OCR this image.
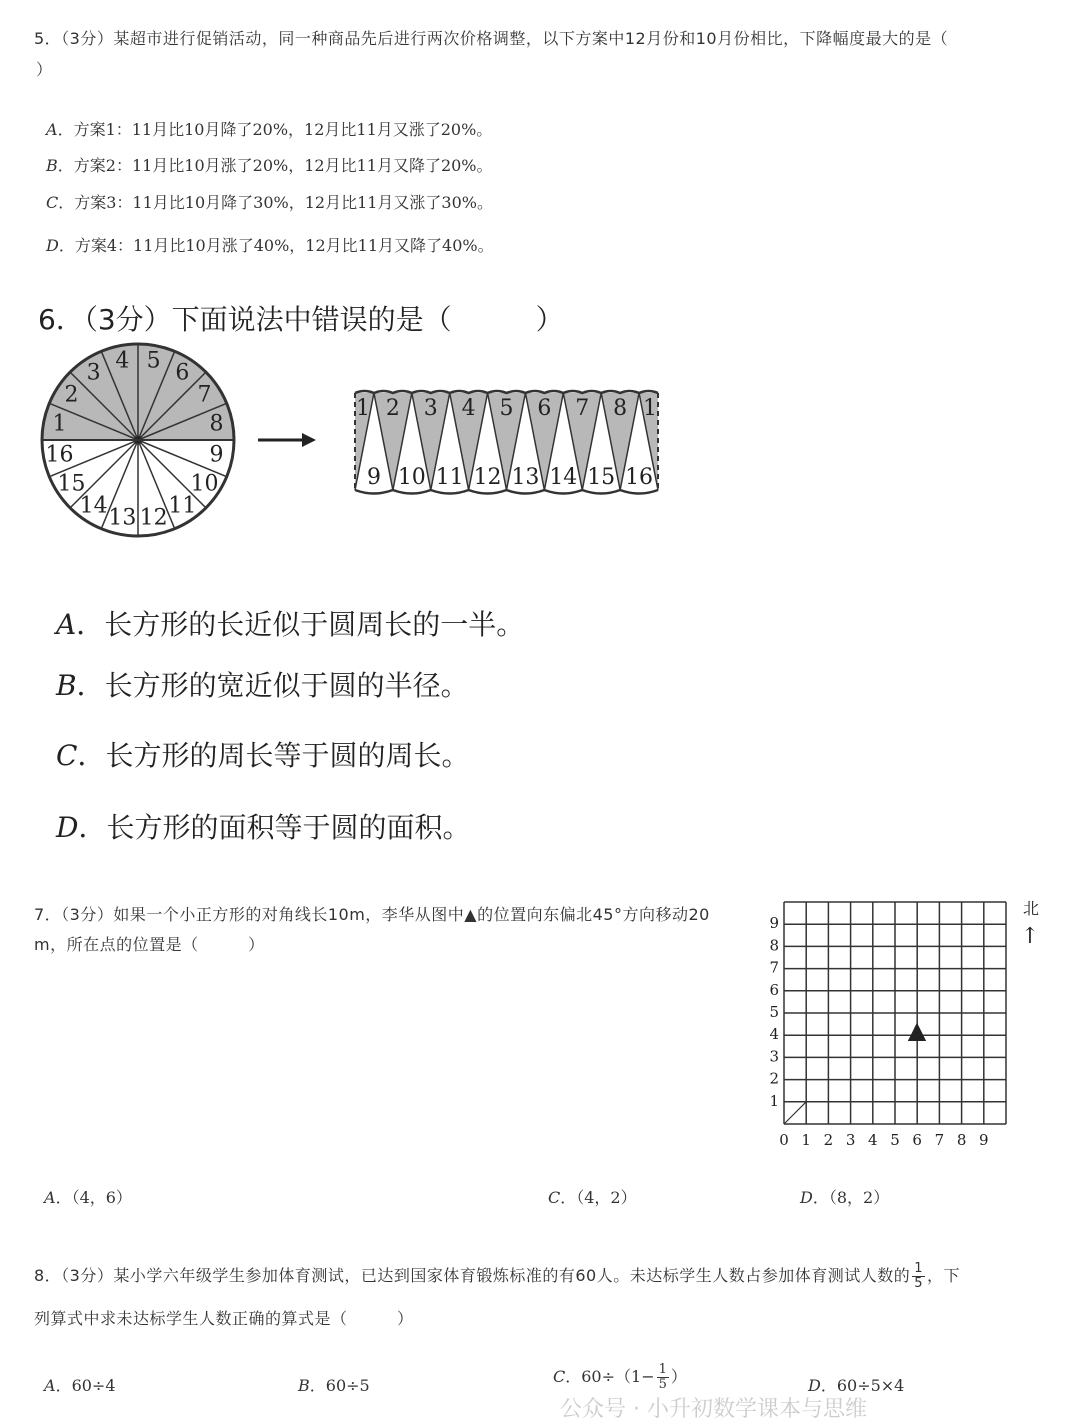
5．（3分）某超市进行促销活动，同一种商品先后进行两次价格调整，以下方案中12月份和10月份相比，下降幅度最大的是（
）
A．方案1：11月比10月降了20%，12月比11月又涨了20%。
B．方案2：11月比10月涨了20%，12月比11月又降了20%。
C．方案3：11月比10月降了30%，12月比11月又涨了30%。
D．方案4：11月比10月涨了40%，12月比11月又降了40%。
6．（3分）下面说法中错误的是（　　　）
1
2
3 4 5 6
7
8
9
10
11
12
13
14
15
16
1 2 3 4 5 6 7 8 1
9 10 11 12 13 14 15 16
A．长方形的长近似于圆周长的一半。
B．长方形的宽近似于圆的半径。
C．长方形的周长等于圆的周长。
D．长方形的面积等于圆的面积。
7．（3分）如果一个小正方形的对角线长10m，李华从图中▲的位置向东偏北45°方向移动20
m，所在点的位置是（　　　）
9
8
7
6
5
4
3
2
1
0 1 2 3 4 5 6 7 8 9
▲
北
↑
A．（4，6）	C．（4，2）	D．（8，2）
8．（3分）某小学六年级学生参加体育测试，已达到国家体育锻炼标准的有60人。未达标学生人数占参加体育测试人数的 $\frac{1}{5}$ ，下
列算式中求未达标学生人数正确的算式是（　　　）
A．60÷4	B．60÷5	C．$60\div(1- \frac{1}{5}$ ）	D．60÷5×4
公众号 · 小升初数学课本与思维
